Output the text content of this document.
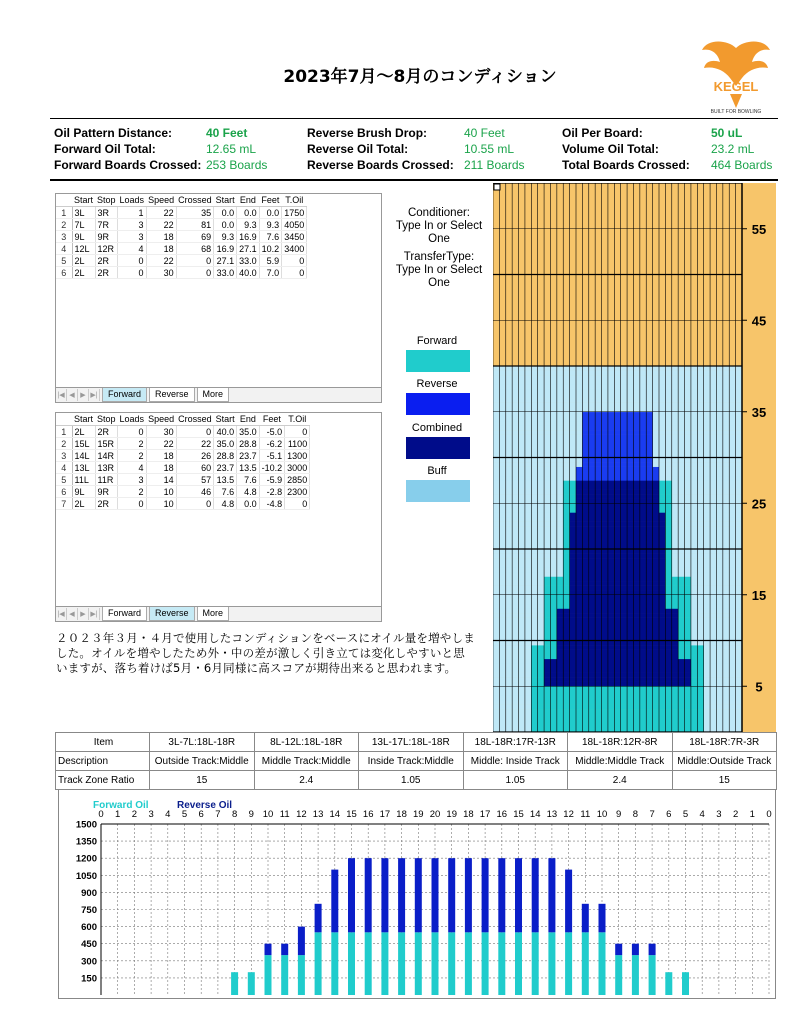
2023年7月～8月のコンディション	KEGEL
BUILT FOR BOWLING
Oil Pattern Distance:	40 Feet
Forward Oil Total:	12.65 mL
Forward Boards Crossed: 253 Boards
Reverse Brush Drop:	40 Feet
Reverse Oil Total:	10.55 mL
Reverse Boards Crossed: 211 Boards
Oil Per Board:	50 uL
Volume Oil Total:	23.2 mL
Total Boards Crossed: 464 Boards
	Start	Stop	Loads	Speed	Crossed	Start	End	Feet	T.Oil
1	3L	3R	1	22	35	0.0	0.0	0.0	1750
2	7L	7R	3	22	81	0.0	9.3	9.3	4050
3	9L	9R	3	18	69	9.3	16.9	7.6	3450
4	12L	12R	4	18	68	16.9	27.1	10.2	3400
5	2L	2R	0	22	0	27.1	33.0	5.9	0
6	2L	2R	0	30	0	33.0	40.0	7.0	0
|◀ ◀ ▶ ▶|	Forward	Reverse	More
	Start	Stop	Loads	Speed	Crossed	Start	End	Feet	T.Oil
1	2L	2R	0	30	0	40.0	35.0	-5.0	0
2	15L	15R	2	22	22	35.0	28.8	-6.2	1100
3	14L	14R	2	18	26	28.8	23.7	-5.1	1300
4	13L	13R	4	18	60	23.7	13.5	-10.2	3000
5	11L	11R	3	14	57	13.5	7.6	-5.9	2850
6	9L	9R	2	10	46	7.6	4.8	-2.8	2300
7	2L	2R	0	10	0	4.8	0.0	-4.8	0
|◀ ◀ ▶ ▶|	Forward	Reverse	More
Conditioner:
Type In or Select One
TransferType:
Type In or Select One
Forward
Reverse
Combined
Buff
5
15
25
35
45
55
２０２３年３月・４月で使用したコンディションをベースにオイル量を増やしました。オイルを増やしたため外・中の差が激しく引き立ては変化しやすいと思いますが、落ち着けば5月・6月同様に高スコアが期待出来ると思われます。
Item	3L-7L:18L-18R	8L-12L:18L-18R	13L-17L:18L-18R	18L-18R:17R-13R	18L-18R:12R-8R	18L-18R:7R-3R
Description	Outside Track:Middle	Middle Track:Middle	Inside Track:Middle	Middle: Inside Track	Middle:Middle Track	Middle:Outside Track
Track Zone Ratio	15	2.4	1.05	1.05	2.4	15
150
300
450
600
750
900
1050
1200
1350
1500
0 1 2 3 4 5 6 7 8 9 10 11 12 13 14 15 16 17 18 19 20 19 18 17 16 15 14 13 12 11 10 9 8 7 6 5 4 3 2 1 0
Forward Oil	Reverse Oil
